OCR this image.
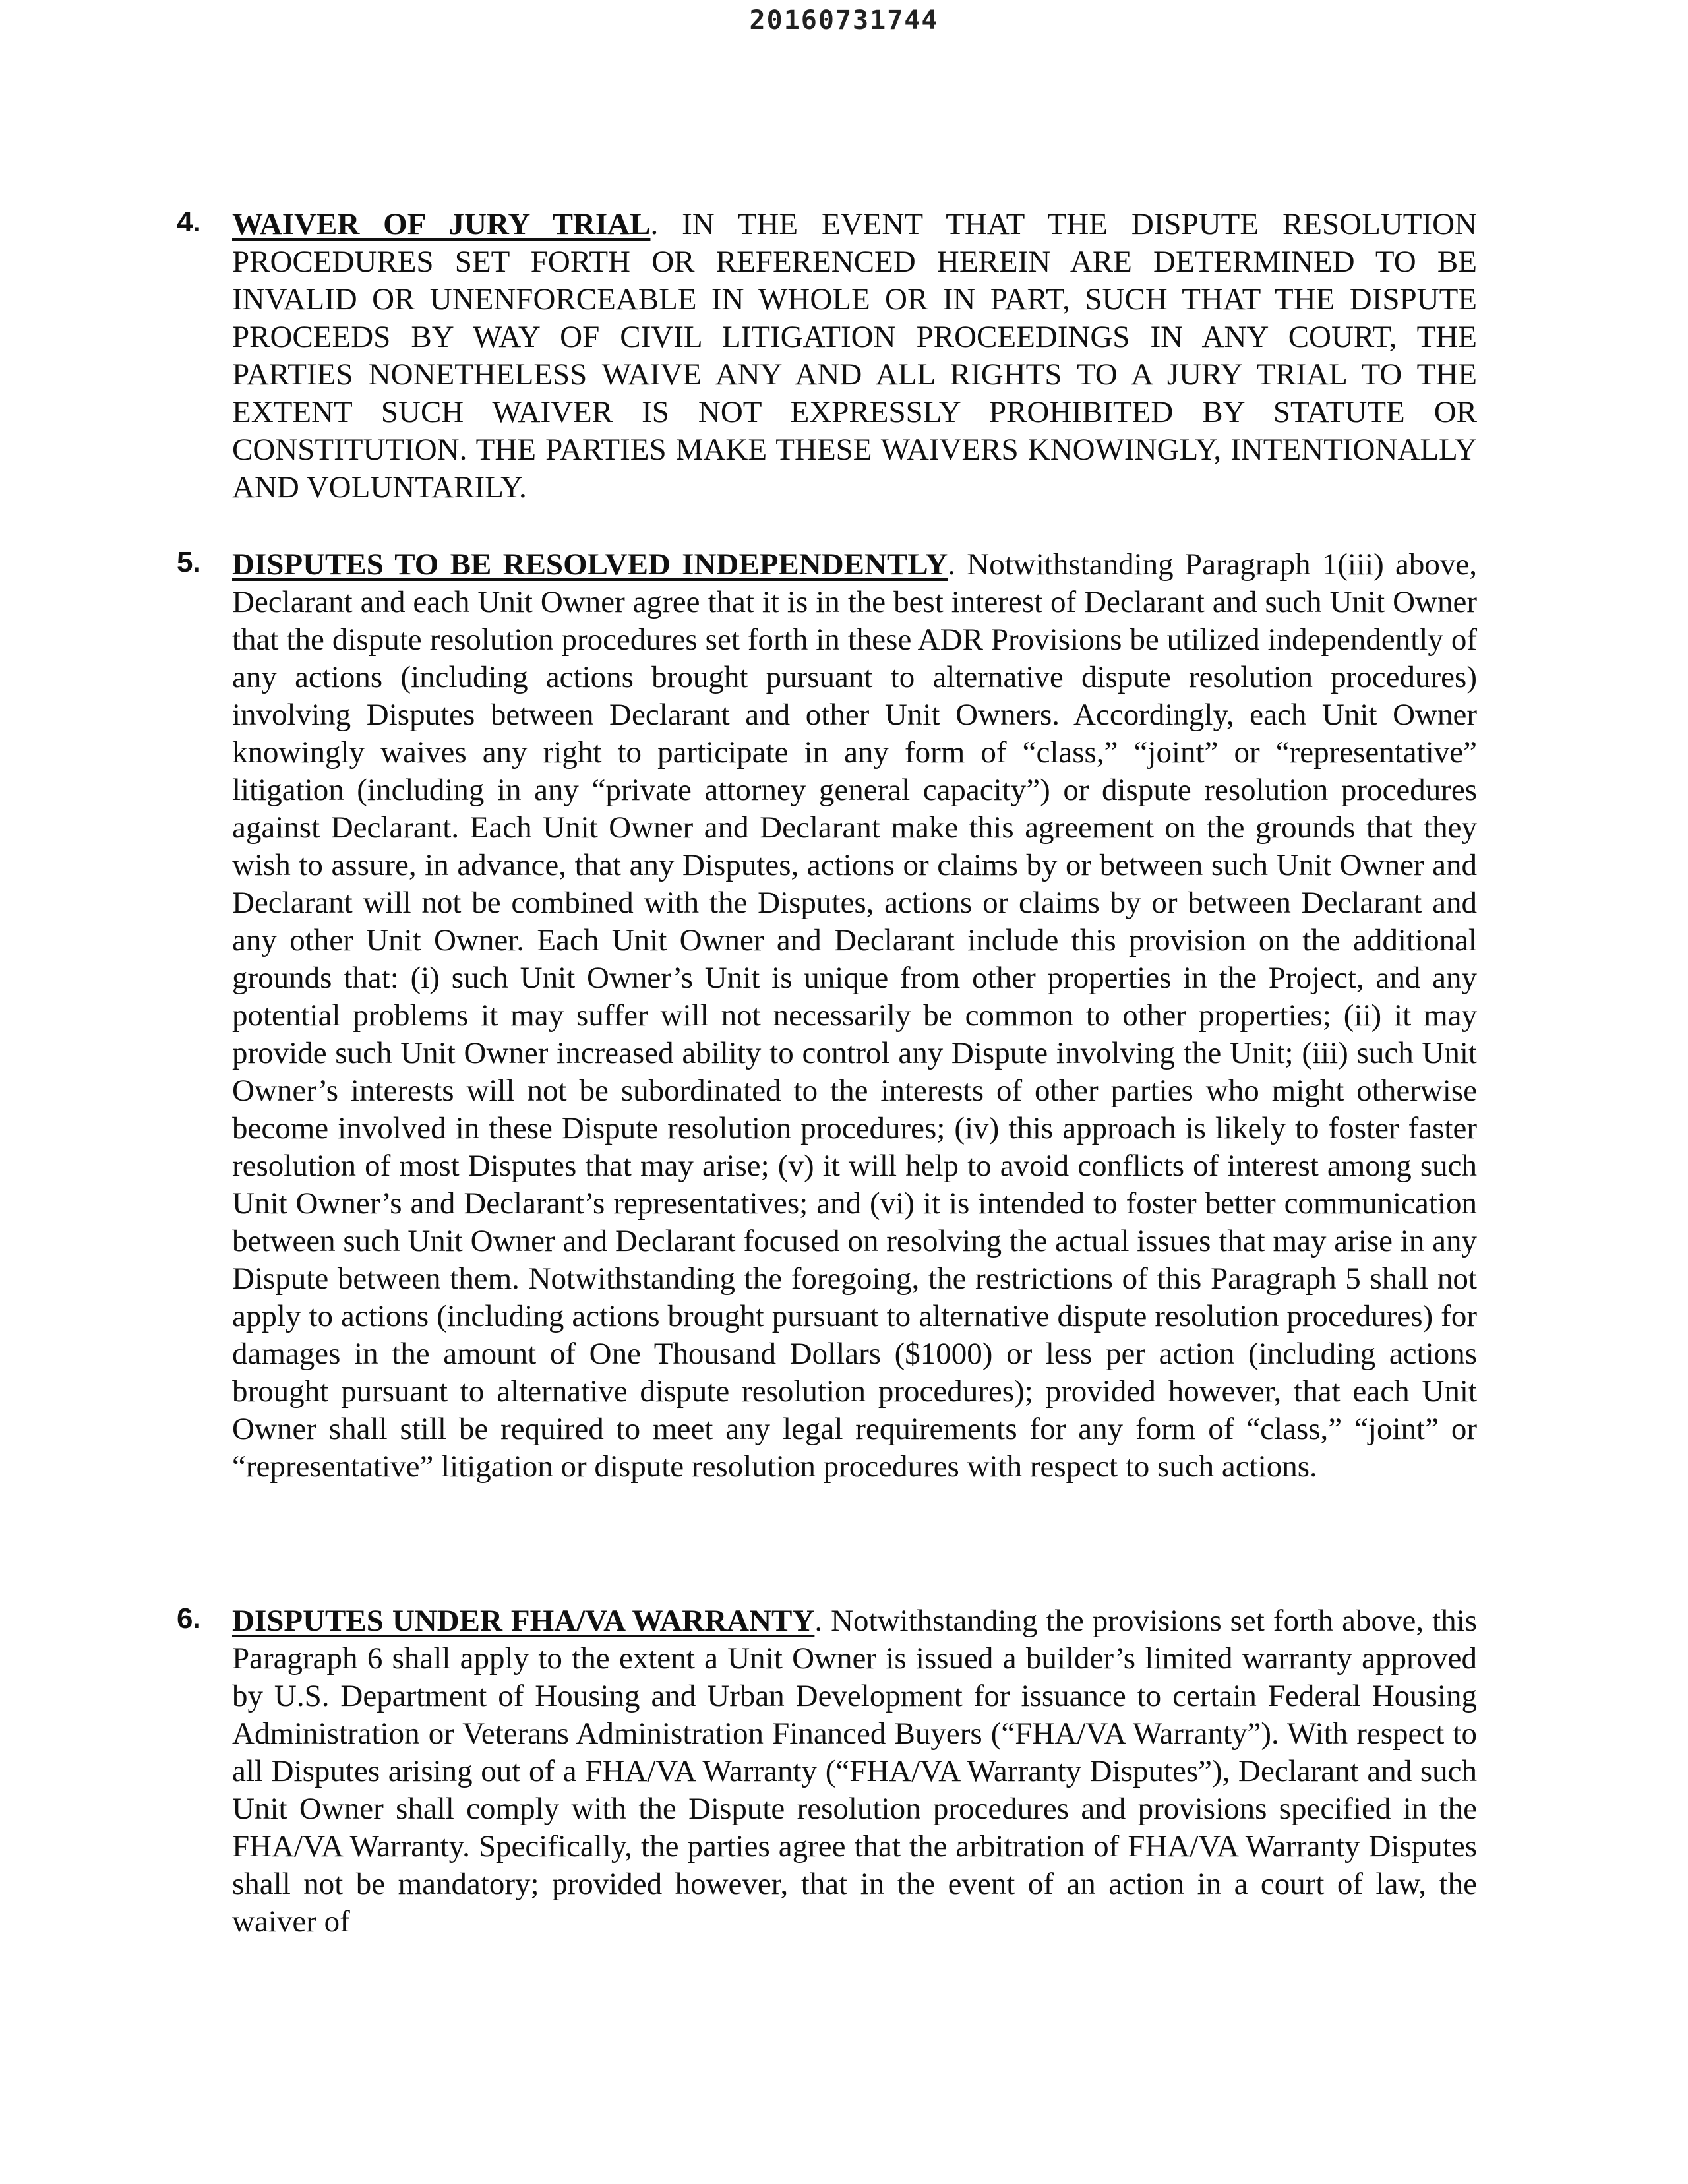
20160731744
4. WAIVER OF JURY TRIAL. IN THE EVENT THAT THE DISPUTE RESOLUTION PROCEDURES SET FORTH OR REFERENCED HEREIN ARE DETERMINED TO BE INVALID OR UNENFORCEABLE IN WHOLE OR IN PART, SUCH THAT THE DISPUTE PROCEEDS BY WAY OF CIVIL LITIGATION PROCEEDINGS IN ANY COURT, THE PARTIES NONETHELESS WAIVE ANY AND ALL RIGHTS TO A JURY TRIAL TO THE EXTENT SUCH WAIVER IS NOT EXPRESSLY PROHIBITED BY STATUTE OR CONSTITUTION. THE PARTIES MAKE THESE WAIVERS KNOWINGLY, INTENTIONALLY AND VOLUNTARILY.
5. DISPUTES TO BE RESOLVED INDEPENDENTLY. Notwithstanding Paragraph 1(iii) above, Declarant and each Unit Owner agree that it is in the best interest of Declarant and such Unit Owner that the dispute resolution procedures set forth in these ADR Provisions be utilized independently of any actions (including actions brought pursuant to alternative dispute resolution procedures) involving Disputes between Declarant and other Unit Owners. Accordingly, each Unit Owner knowingly waives any right to participate in any form of “class,” “joint” or “representative” litigation (including in any “private attorney general capacity”) or dispute resolution procedures against Declarant. Each Unit Owner and Declarant make this agreement on the grounds that they wish to assure, in advance, that any Disputes, actions or claims by or between such Unit Owner and Declarant will not be combined with the Disputes, actions or claims by or between Declarant and any other Unit Owner. Each Unit Owner and Declarant include this provision on the additional grounds that: (i) such Unit Owner’s Unit is unique from other properties in the Project, and any potential problems it may suffer will not necessarily be common to other properties; (ii) it may provide such Unit Owner increased ability to control any Dispute involving the Unit; (iii) such Unit Owner’s interests will not be subordinated to the interests of other parties who might otherwise become involved in these Dispute resolution procedures; (iv) this approach is likely to foster faster resolution of most Disputes that may arise; (v) it will help to avoid conflicts of interest among such Unit Owner’s and Declarant’s representatives; and (vi) it is intended to foster better communication between such Unit Owner and Declarant focused on resolving the actual issues that may arise in any Dispute between them. Notwithstanding the foregoing, the restrictions of this Paragraph 5 shall not apply to actions (including actions brought pursuant to alternative dispute resolution procedures) for damages in the amount of One Thousand Dollars ($1000) or less per action (including actions brought pursuant to alternative dispute resolution procedures); provided however, that each Unit Owner shall still be required to meet any legal requirements for any form of “class,” “joint” or “representative” litigation or dispute resolution procedures with respect to such actions.
6. DISPUTES UNDER FHA/VA WARRANTY. Notwithstanding the provisions set forth above, this Paragraph 6 shall apply to the extent a Unit Owner is issued a builder’s limited warranty approved by U.S. Department of Housing and Urban Development for issuance to certain Federal Housing Administration or Veterans Administration Financed Buyers (“FHA/VA Warranty”). With respect to all Disputes arising out of a FHA/VA Warranty (“FHA/VA Warranty Disputes”), Declarant and such Unit Owner shall comply with the Dispute resolution procedures and provisions specified in the FHA/VA Warranty. Specifically, the parties agree that the arbitration of FHA/VA Warranty Disputes shall not be mandatory; provided however, that in the event of an action in a court of law, the waiver of
